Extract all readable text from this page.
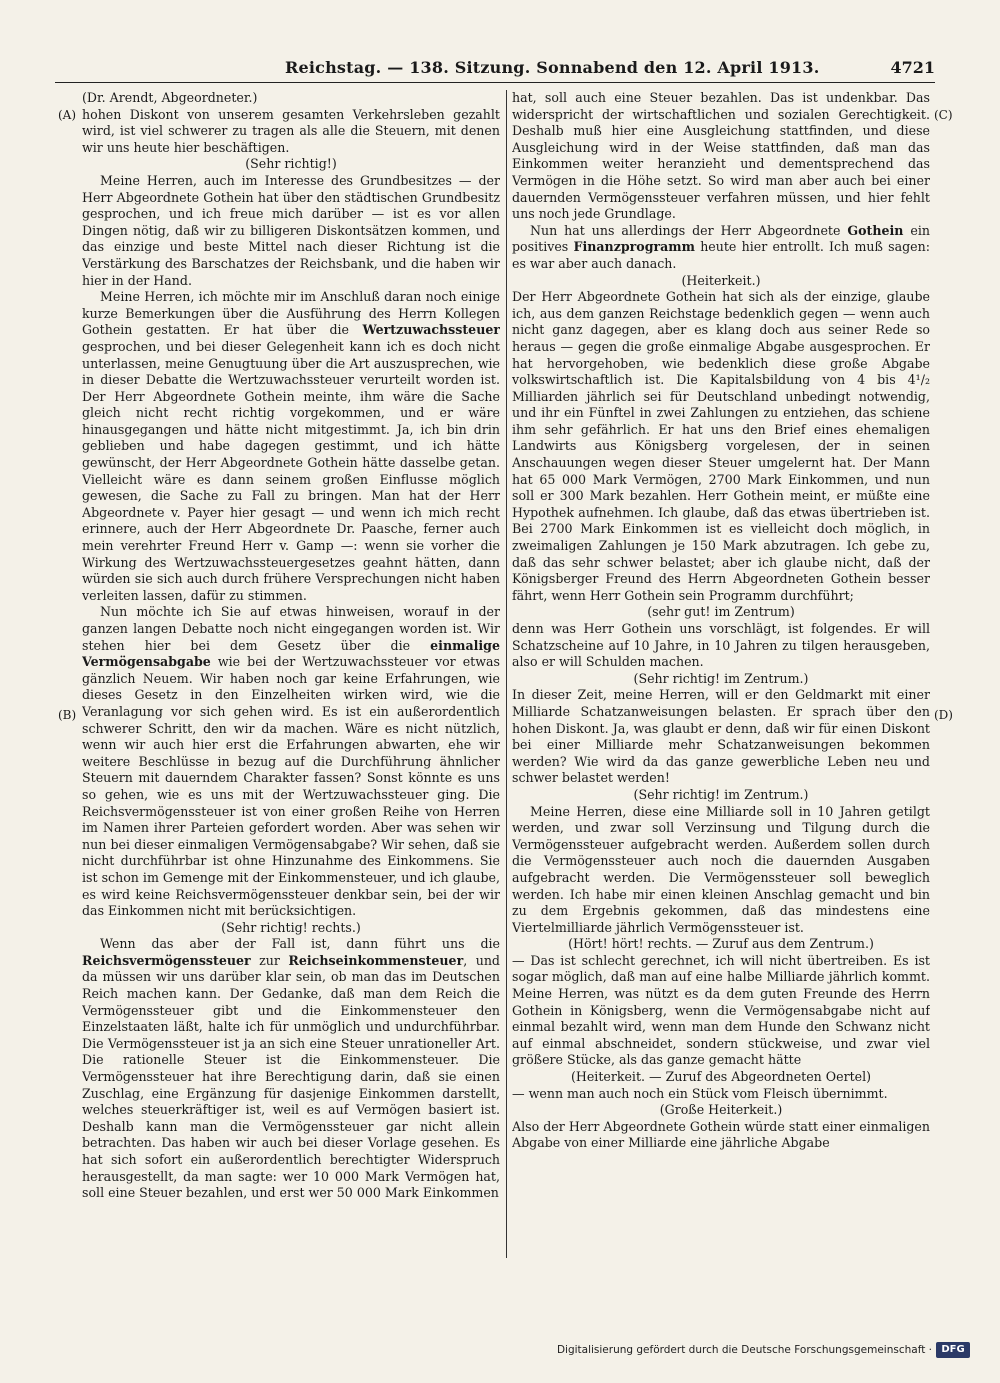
Reichstag. — 138. Sitzung. Sonnabend den 12. April 1913.	4721
(A)
(B)
(C)
(D)

(Dr. Arendt, Abgeordneter.)

hohen Diskont von unserem gesamten Verkehrsleben gezahlt wird, ist viel schwerer zu tragen als alle die Steuern, mit denen wir uns heute hier beschäftigen.

(Sehr richtig!)

Meine Herren, auch im Interesse des Grundbesitzes — der Herr Abgeordnete Gothein hat über den städtischen Grundbesitz gesprochen, und ich freue mich darüber — ist es vor allen Dingen nötig, daß wir zu billigeren Diskontsätzen kommen, und das einzige und beste Mittel nach dieser Richtung ist die Verstärkung des Barschatzes der Reichsbank, und die haben wir hier in der Hand.

Meine Herren, ich möchte mir im Anschluß daran noch einige kurze Bemerkungen über die Ausführung des Herrn Kollegen Gothein gestatten. Er hat über die Wertzuwachssteuer gesprochen, und bei dieser Gelegenheit kann ich es doch nicht unterlassen, meine Genugtuung über die Art auszusprechen, wie in dieser Debatte die Wertzuwachssteuer verurteilt worden ist. Der Herr Abgeordnete Gothein meinte, ihm wäre die Sache gleich nicht recht richtig vorgekommen, und er wäre hinausgegangen und hätte nicht mitgestimmt. Ja, ich bin drin geblieben und habe dagegen gestimmt, und ich hätte gewünscht, der Herr Abgeordnete Gothein hätte dasselbe getan. Vielleicht wäre es dann seinem großen Einflusse möglich gewesen, die Sache zu Fall zu bringen. Man hat der Herr Abgeordnete v. Payer hier gesagt — und wenn ich mich recht erinnere, auch der Herr Abgeordnete Dr. Paasche, ferner auch mein verehrter Freund Herr v. Gamp —: wenn sie vorher die Wirkung des Wertzuwachssteuergesetzes geahnt hätten, dann würden sie sich auch durch frühere Versprechungen nicht haben verleiten lassen, dafür zu stimmen.

Nun möchte ich Sie auf etwas hinweisen, worauf in der ganzen langen Debatte noch nicht eingegangen worden ist. Wir stehen hier bei dem Gesetz über die einmalige Vermögensabgabe wie bei der Wertzuwachssteuer vor etwas gänzlich Neuem. Wir haben noch gar keine Erfahrungen, wie dieses Gesetz in den Einzelheiten wirken wird, wie die Veranlagung vor sich gehen wird. Es ist ein außerordentlich schwerer Schritt, den wir da machen. Wäre es nicht nützlich, wenn wir auch hier erst die Erfahrungen abwarten, ehe wir weitere Beschlüsse in bezug auf die Durchführung ähnlicher Steuern mit dauerndem Charakter fassen? Sonst könnte es uns so gehen, wie es uns mit der Wertzuwachssteuer ging. Die Reichsvermögenssteuer ist von einer großen Reihe von Herren im Namen ihrer Parteien gefordert worden. Aber was sehen wir nun bei dieser einmaligen Vermögensabgabe? Wir sehen, daß sie nicht durchführbar ist ohne Hinzunahme des Einkommens. Sie ist schon im Gemenge mit der Einkommensteuer, und ich glaube, es wird keine Reichsvermögenssteuer denkbar sein, bei der wir das Einkommen nicht mit berücksichtigen.

(Sehr richtig! rechts.)

Wenn das aber der Fall ist, dann führt uns die Reichsvermögenssteuer zur Reichseinkommensteuer, und da müssen wir uns darüber klar sein, ob man das im Deutschen Reich machen kann. Der Gedanke, daß man dem Reich die Vermögenssteuer gibt und die Einkommensteuer den Einzelstaaten läßt, halte ich für unmöglich und undurchführbar. Die Vermögenssteuer ist ja an sich eine Steuer unrationeller Art. Die rationelle Steuer ist die Einkommensteuer. Die Vermögenssteuer hat ihre Berechtigung darin, daß sie einen Zuschlag, eine Ergänzung für dasjenige Einkommen darstellt, welches steuerkräftiger ist, weil es auf Vermögen basiert ist. Deshalb kann man die Vermögenssteuer gar nicht allein betrachten. Das haben wir auch bei dieser Vorlage gesehen. Es hat sich sofort ein außerordentlich berechtigter Widerspruch herausgestellt, da man sagte: wer 10 000 Mark Vermögen hat, soll eine Steuer bezahlen, und erst wer 50 000 Mark Einkommen

hat, soll auch eine Steuer bezahlen. Das ist undenkbar. Das widerspricht der wirtschaftlichen und sozialen Gerechtigkeit. Deshalb muß hier eine Ausgleichung stattfinden, und diese Ausgleichung wird in der Weise stattfinden, daß man das Einkommen weiter heranzieht und dementsprechend das Vermögen in die Höhe setzt. So wird man aber auch bei einer dauernden Vermögenssteuer verfahren müssen, und hier fehlt uns noch jede Grundlage.

Nun hat uns allerdings der Herr Abgeordnete Gothein ein positives Finanzprogramm heute hier entrollt. Ich muß sagen: es war aber auch danach.

(Heiterkeit.)

Der Herr Abgeordnete Gothein hat sich als der einzige, glaube ich, aus dem ganzen Reichstage bedenklich gegen — wenn auch nicht ganz dagegen, aber es klang doch aus seiner Rede so heraus — gegen die große einmalige Abgabe ausgesprochen. Er hat hervorgehoben, wie bedenklich diese große Abgabe volkswirtschaftlich ist. Die Kapitalsbildung von 4 bis 4¹/₂ Milliarden jährlich sei für Deutschland unbedingt notwendig, und ihr ein Fünftel in zwei Zahlungen zu entziehen, das schiene ihm sehr gefährlich. Er hat uns den Brief eines ehemaligen Landwirts aus Königsberg vorgelesen, der in seinen Anschauungen wegen dieser Steuer umgelernt hat. Der Mann hat 65 000 Mark Vermögen, 2700 Mark Einkommen, und nun soll er 300 Mark bezahlen. Herr Gothein meint, er müßte eine Hypothek aufnehmen. Ich glaube, daß das etwas übertrieben ist. Bei 2700 Mark Einkommen ist es vielleicht doch möglich, in zweimaligen Zahlungen je 150 Mark abzutragen. Ich gebe zu, daß das sehr schwer belastet; aber ich glaube nicht, daß der Königsberger Freund des Herrn Abgeordneten Gothein besser fährt, wenn Herr Gothein sein Programm durchführt;

(sehr gut! im Zentrum)

denn was Herr Gothein uns vorschlägt, ist folgendes. Er will Schatzscheine auf 10 Jahre, in 10 Jahren zu tilgen herausgeben, also er will Schulden machen.

(Sehr richtig! im Zentrum.)

In dieser Zeit, meine Herren, will er den Geldmarkt mit einer Milliarde Schatzanweisungen belasten. Er sprach über den hohen Diskont. Ja, was glaubt er denn, daß wir für einen Diskont bei einer Milliarde mehr Schatzanweisungen bekommen werden? Wie wird da das ganze gewerbliche Leben neu und schwer belastet werden!

(Sehr richtig! im Zentrum.)

Meine Herren, diese eine Milliarde soll in 10 Jahren getilgt werden, und zwar soll Verzinsung und Tilgung durch die Vermögenssteuer aufgebracht werden. Außerdem sollen durch die Vermögenssteuer auch noch die dauernden Ausgaben aufgebracht werden. Die Vermögenssteuer soll beweglich werden. Ich habe mir einen kleinen Anschlag gemacht und bin zu dem Ergebnis gekommen, daß das mindestens eine Viertelmilliarde jährlich Vermögenssteuer ist.

(Hört! hört! rechts. — Zuruf aus dem Zentrum.)

— Das ist schlecht gerechnet, ich will nicht übertreiben. Es ist sogar möglich, daß man auf eine halbe Milliarde jährlich kommt. Meine Herren, was nützt es da dem guten Freunde des Herrn Gothein in Königsberg, wenn die Vermögensabgabe nicht auf einmal bezahlt wird, wenn man dem Hunde den Schwanz nicht auf einmal abschneidet, sondern stückweise, und zwar viel größere Stücke, als das ganze gemacht hätte

(Heiterkeit. — Zuruf des Abgeordneten Oertel)

— wenn man auch noch ein Stück vom Fleisch übernimmt.

(Große Heiterkeit.)

Also der Herr Abgeordnete Gothein würde statt einer einmaligen Abgabe von einer Milliarde eine jährliche Abgabe

Digitalisierung gefördert durch die Deutsche Forschungsgemeinschaft · DFG
